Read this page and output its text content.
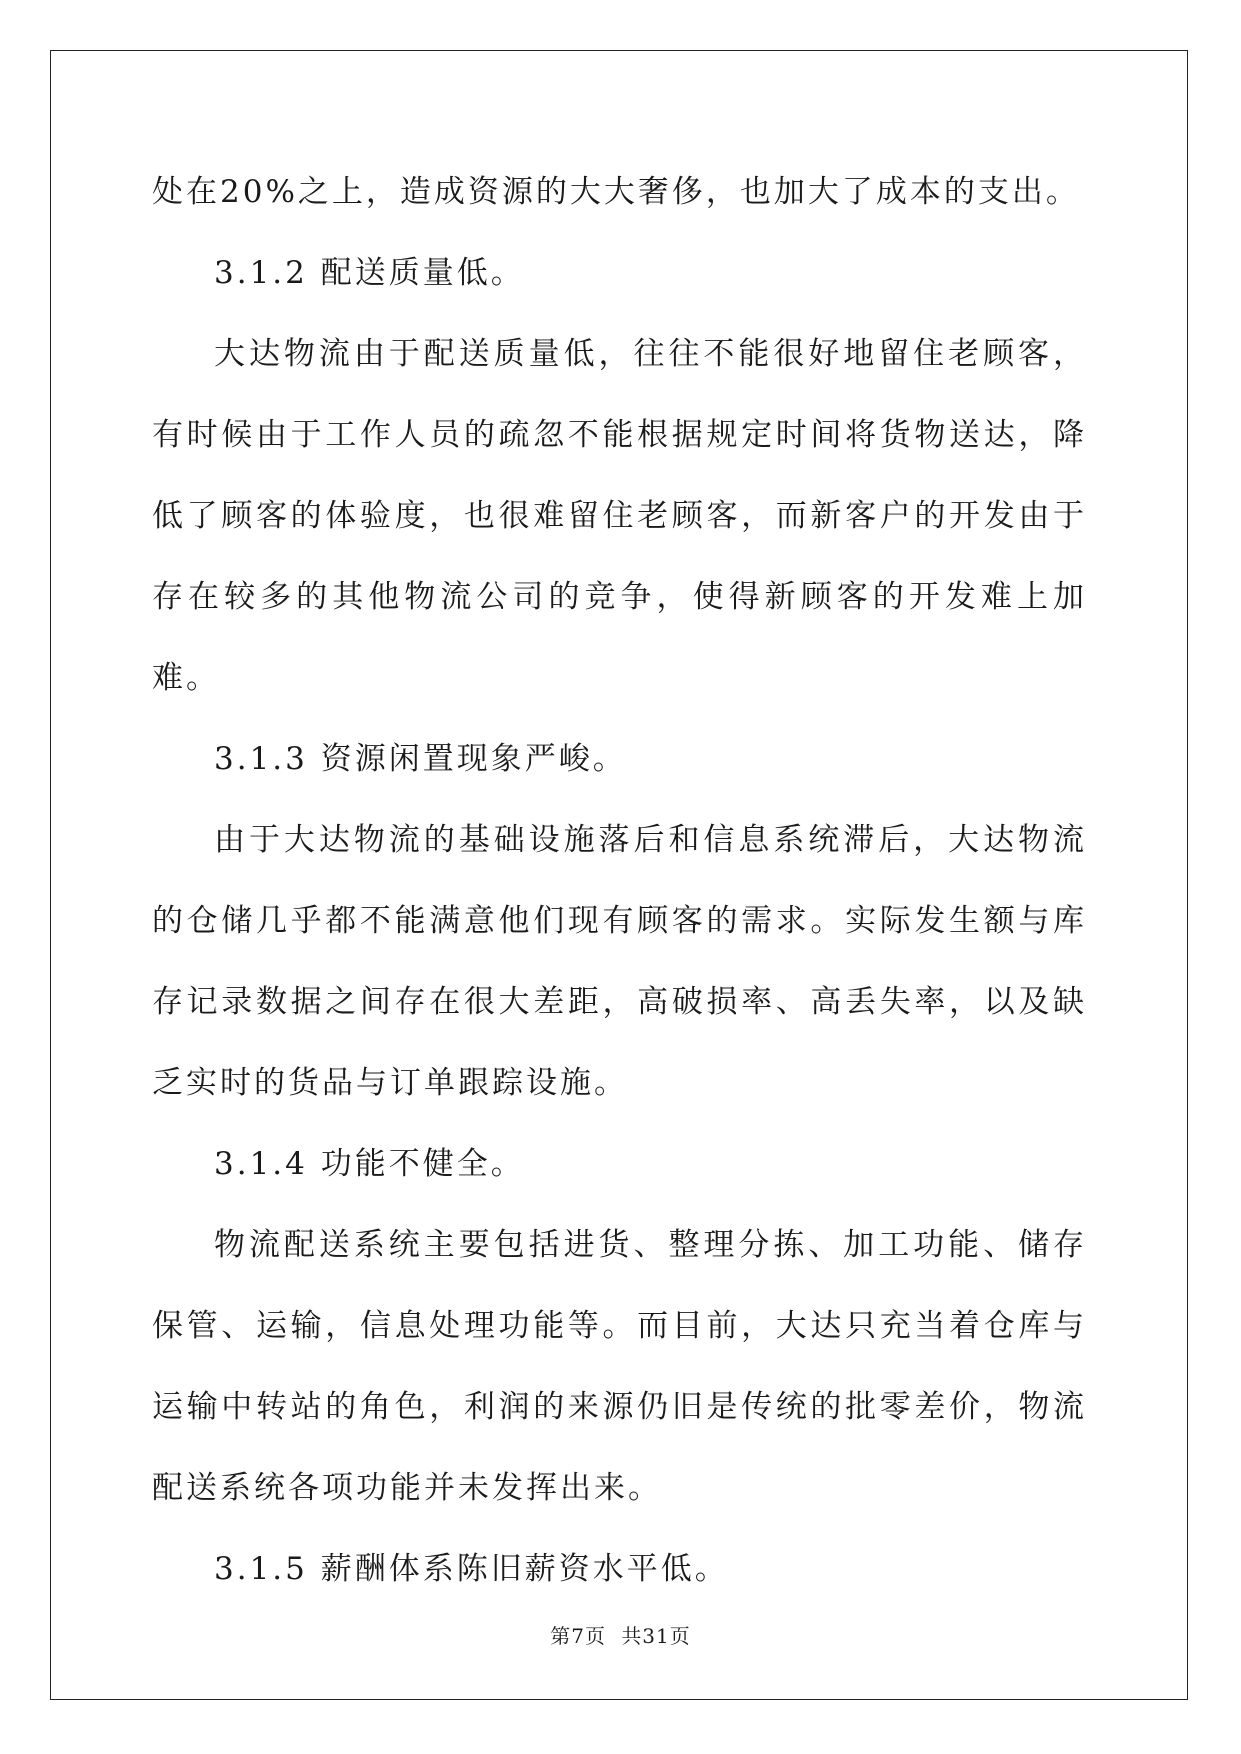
处在20%之上，造成资源的大大奢侈，也加大了成本的支出。

3.1.2 配送质量低。

大达物流由于配送质量低，往往不能很好地留住老顾客，有时候由于工作人员的疏忽不能根据规定时间将货物送达，降低了顾客的体验度，也很难留住老顾客，而新客户的开发由于存在较多的其他物流公司的竞争，使得新顾客的开发难上加难。

3.1.3 资源闲置现象严峻。

由于大达物流的基础设施落后和信息系统滞后，大达物流的仓储几乎都不能满意他们现有顾客的需求。实际发生额与库存记录数据之间存在很大差距，高破损率、高丢失率，以及缺乏实时的货品与订单跟踪设施。

3.1.4 功能不健全。

物流配送系统主要包括进货、整理分拣、加工功能、储存保管、运输，信息处理功能等。而目前，大达只充当着仓库与运输中转站的角色，利润的来源仍旧是传统的批零差价，物流配送系统各项功能并未发挥出来。

3.1.5 薪酬体系陈旧薪资水平低。

第7页 共31页
